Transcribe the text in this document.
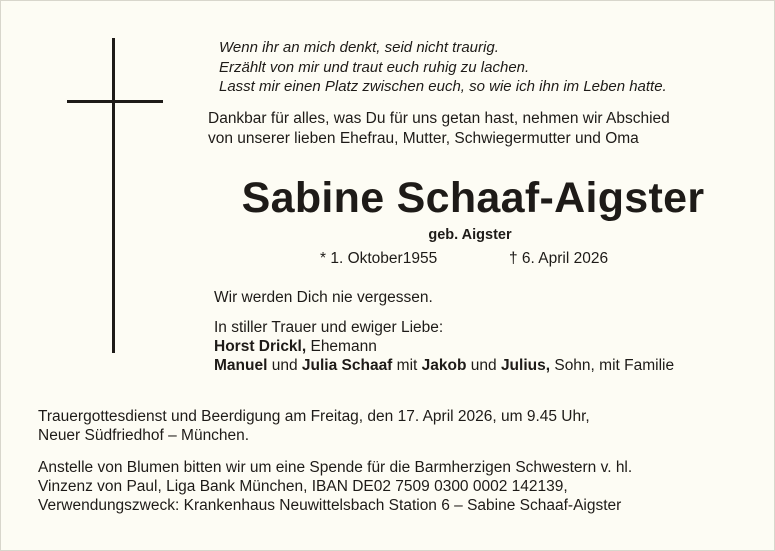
Wenn ihr an mich denkt, seid nicht traurig.
Erzählt von mir und traut euch ruhig zu lachen.
Lasst mir einen Platz zwischen euch, so wie ich ihn im Leben hatte.
Dankbar für alles, was Du für uns getan hast, nehmen wir Abschied
von unserer lieben Ehefrau, Mutter, Schwiegermutter und Oma
Sabine Schaaf-Aigster
geb. Aigster
* 1. Oktober1955	† 6. April 2026
Wir werden Dich nie vergessen.
In stiller Trauer und ewiger Liebe:
Horst Drickl, Ehemann
Manuel und Julia Schaaf mit Jakob und Julius, Sohn, mit Familie
Trauergottesdienst und Beerdigung am Freitag, den 17. April 2026, um 9.45 Uhr,
Neuer Südfriedhof – München.
Anstelle von Blumen bitten wir um eine Spende für die Barmherzigen Schwestern v. hl.
Vinzenz von Paul, Liga Bank München, IBAN DE02 7509 0300 0002 142139,
Verwendungszweck: Krankenhaus Neuwittelsbach Station 6 – Sabine Schaaf-Aigster
